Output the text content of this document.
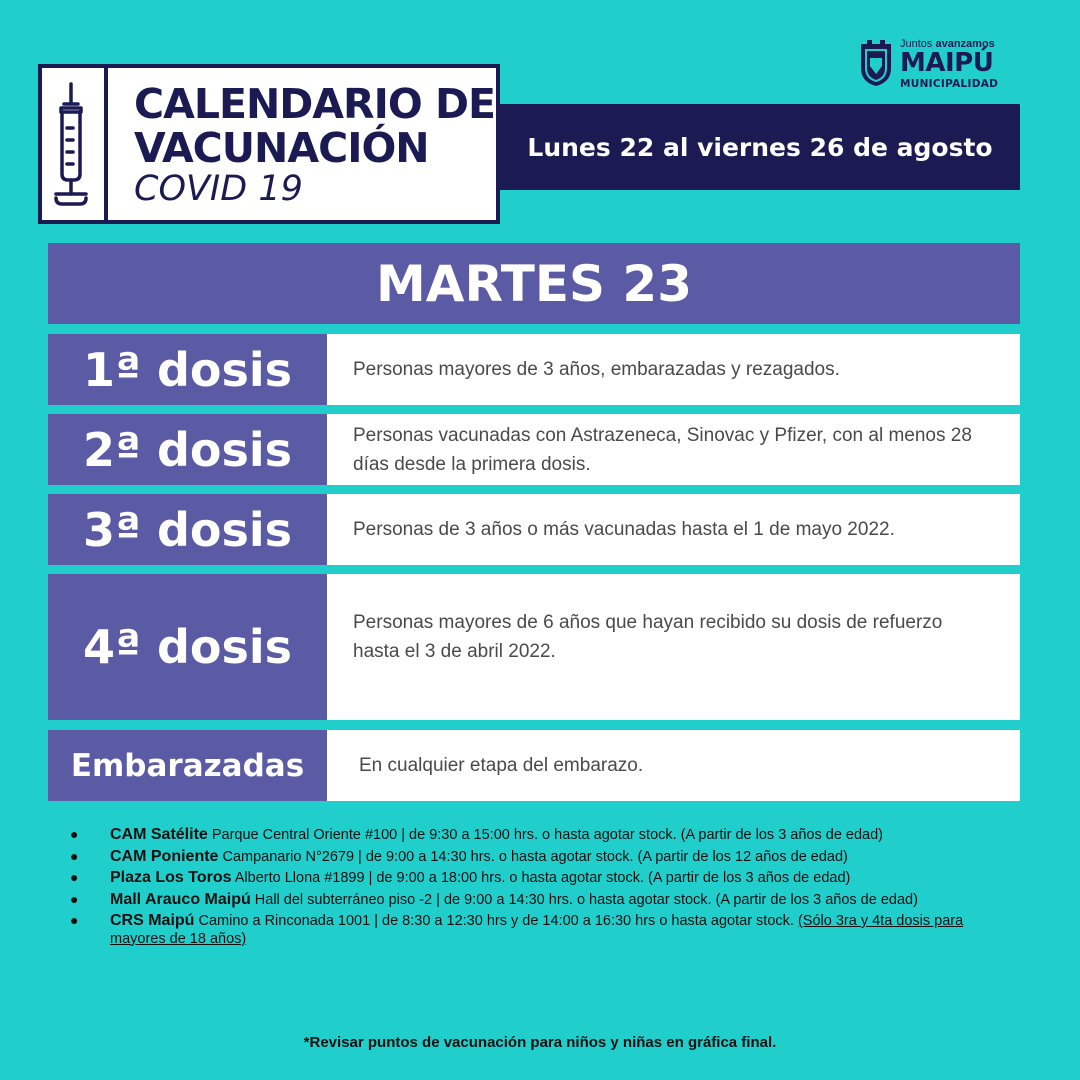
CALENDARIO DE
VACUNACIÓN
COVID 19
Lunes 22 al viernes 26 de agosto
Juntos avanzamos
MAIPÚ
MUNICIPALIDAD
MARTES 23
1ª dosis	Personas mayores de 3 años, embarazadas y rezagados.
2ª dosis	Personas vacunadas con Astrazeneca, Sinovac y Pfizer, con al menos 28 días desde la primera dosis.
3ª dosis	Personas de 3 años o más vacunadas hasta el 1 de mayo 2022.
4ª dosis	Personas mayores de 6 años que hayan recibido su dosis de refuerzo hasta el 3 de abril 2022.
Embarazadas	En cualquier etapa del embarazo.
● CAM Satélite Parque Central Oriente #100 | de 9:30 a 15:00 hrs. o hasta agotar stock. (A partir de los 3 años de edad)
● CAM Poniente Campanario N°2679 | de 9:00 a 14:30 hrs. o hasta agotar stock. (A partir de los 12 años de edad)
● Plaza Los Toros Alberto Llona #1899 | de 9:00 a 18:00 hrs. o hasta agotar stock. (A partir de los 3 años de edad)
● Mall Arauco Maipú Hall del subterráneo piso -2 | de 9:00 a 14:30 hrs. o hasta agotar stock. (A partir de los 3 años de edad)
● CRS Maipú Camino a Rinconada 1001 | de 8:30 a 12:30 hrs y de 14:00 a 16:30 hrs o hasta agotar stock. (Sólo 3ra y 4ta dosis para mayores de 18 años)
*Revisar puntos de vacunación para niños y niñas en gráfica final.
